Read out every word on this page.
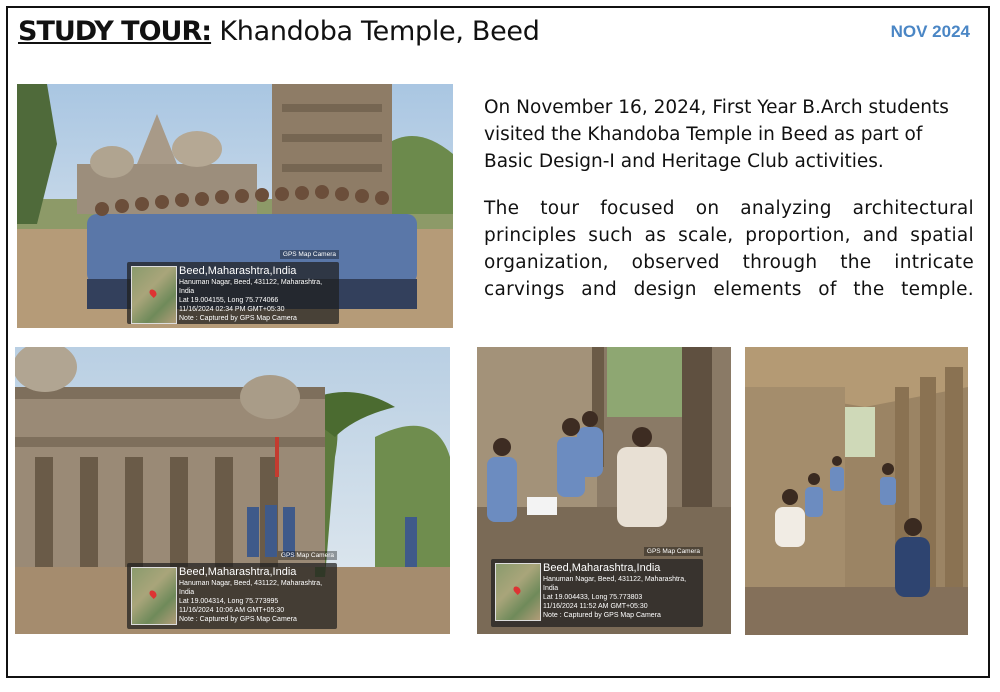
STUDY TOUR: Khandoba Temple, Beed	NOV 2024

On November 16, 2024, First Year B.Arch students visited the Khandoba Temple in Beed as part of Basic Design-I and Heritage Club activities.

The tour focused on analyzing architectural principles such as scale, proportion, and spatial organization, observed through the intricate carvings and design elements of the temple.

GPS Map Camera
Beed,Maharashtra,India
Hanuman Nagar, Beed, 431122, Maharashtra, India
Lat 19.004155, Long 75.774066
11/16/2024 02:34 PM GMT+05:30
Note : Captured by GPS Map Camera
GPS Map Camera
Beed,Maharashtra,India
Hanuman Nagar, Beed, 431122, Maharashtra, India
Lat 19.004314, Long 75.773995
11/16/2024 10:06 AM GMT+05:30
Note : Captured by GPS Map Camera
GPS Map Camera
Beed,Maharashtra,India
Hanuman Nagar, Beed, 431122, Maharashtra, India
Lat 19.004433, Long 75.773803
11/16/2024 11:52 AM GMT+05:30
Note : Captured by GPS Map Camera
